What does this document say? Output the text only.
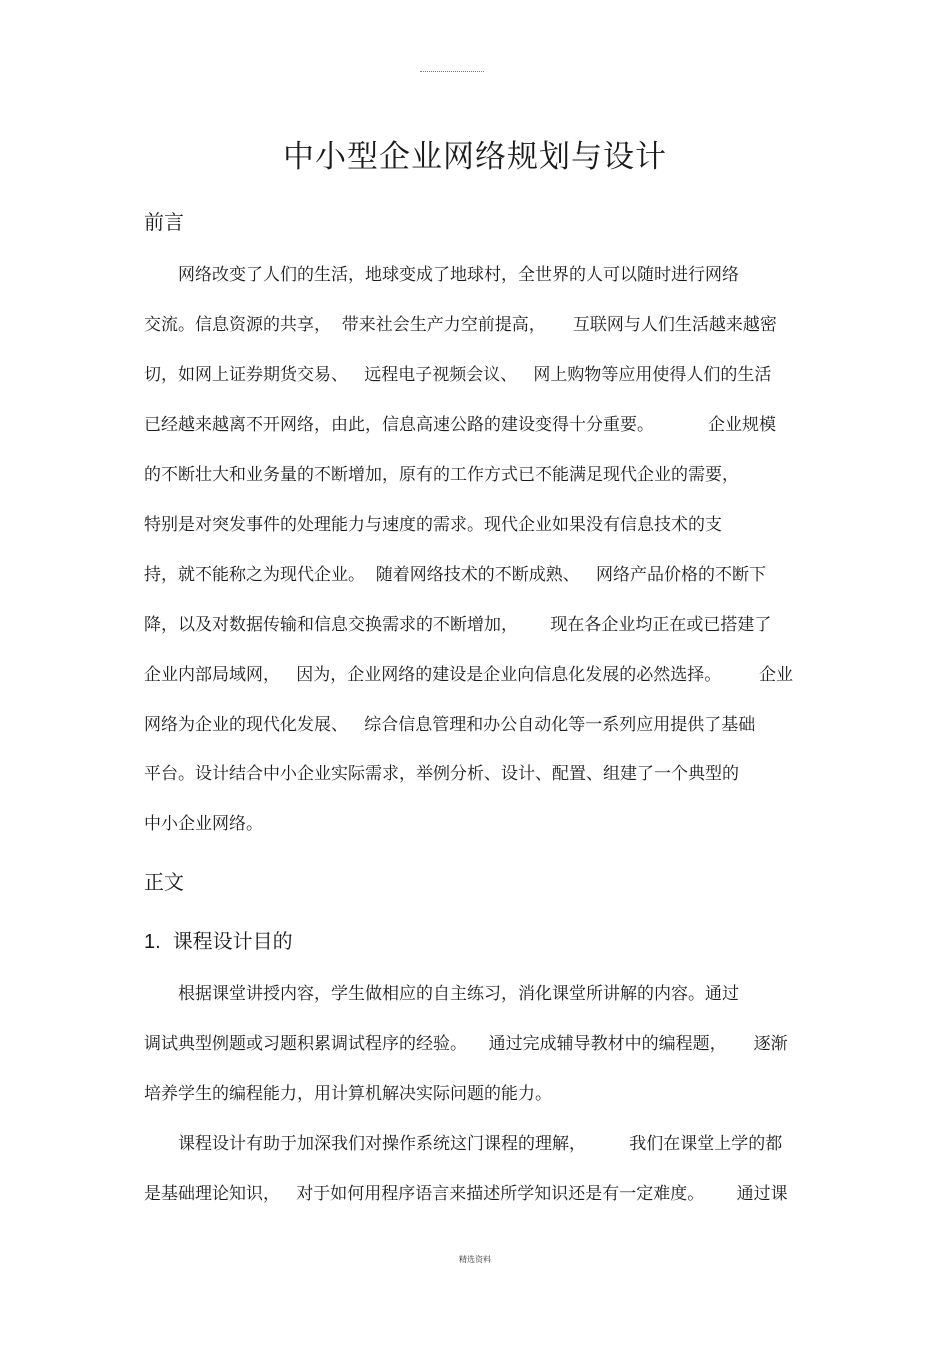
中小型企业网络规划与设计
前言
网络改变了人们的生活，地球变成了地球村，全世界的人可以随时进行网络
交流。信息资源的共享，  带来社会生产力空前提高，     互联网与人们生活越来越密
切，如网上证券期货交易、   远程电子视频会议、   网上购物等应用使得人们的生活
已经越来越离不开网络，由此，信息高速公路的建设变得十分重要。          企业规模
的不断壮大和业务量的不断增加，原有的工作方式已不能满足现代企业的需要，
特别是对突发事件的处理能力与速度的需求。现代企业如果没有信息技术的支
持，就不能称之为现代企业。  随着网络技术的不断成熟、   网络产品价格的不断下
降，以及对数据传输和信息交换需求的不断增加，      现在各企业均正在或已搭建了
企业内部局域网，   因为，企业网络的建设是企业向信息化发展的必然选择。       企业
网络为企业的现代化发展、   综合信息管理和办公自动化等一系列应用提供了基础
平台。设计结合中小企业实际需求，举例分析、设计、配置、组建了一个典型的
中小企业网络。
正文
1. 课程设计目的
根据课堂讲授内容，学生做相应的自主练习，消化课堂所讲解的内容。通过
调试典型例题或习题积累调试程序的经验。    通过完成辅导教材中的编程题，     逐渐
培养学生的编程能力，用计算机解决实际问题的能力。
课程设计有助于加深我们对操作系统这门课程的理解，        我们在课堂上学的都
是基础理论知识，   对于如何用程序语言来描述所学知识还是有一定难度。      通过课
精选资料
